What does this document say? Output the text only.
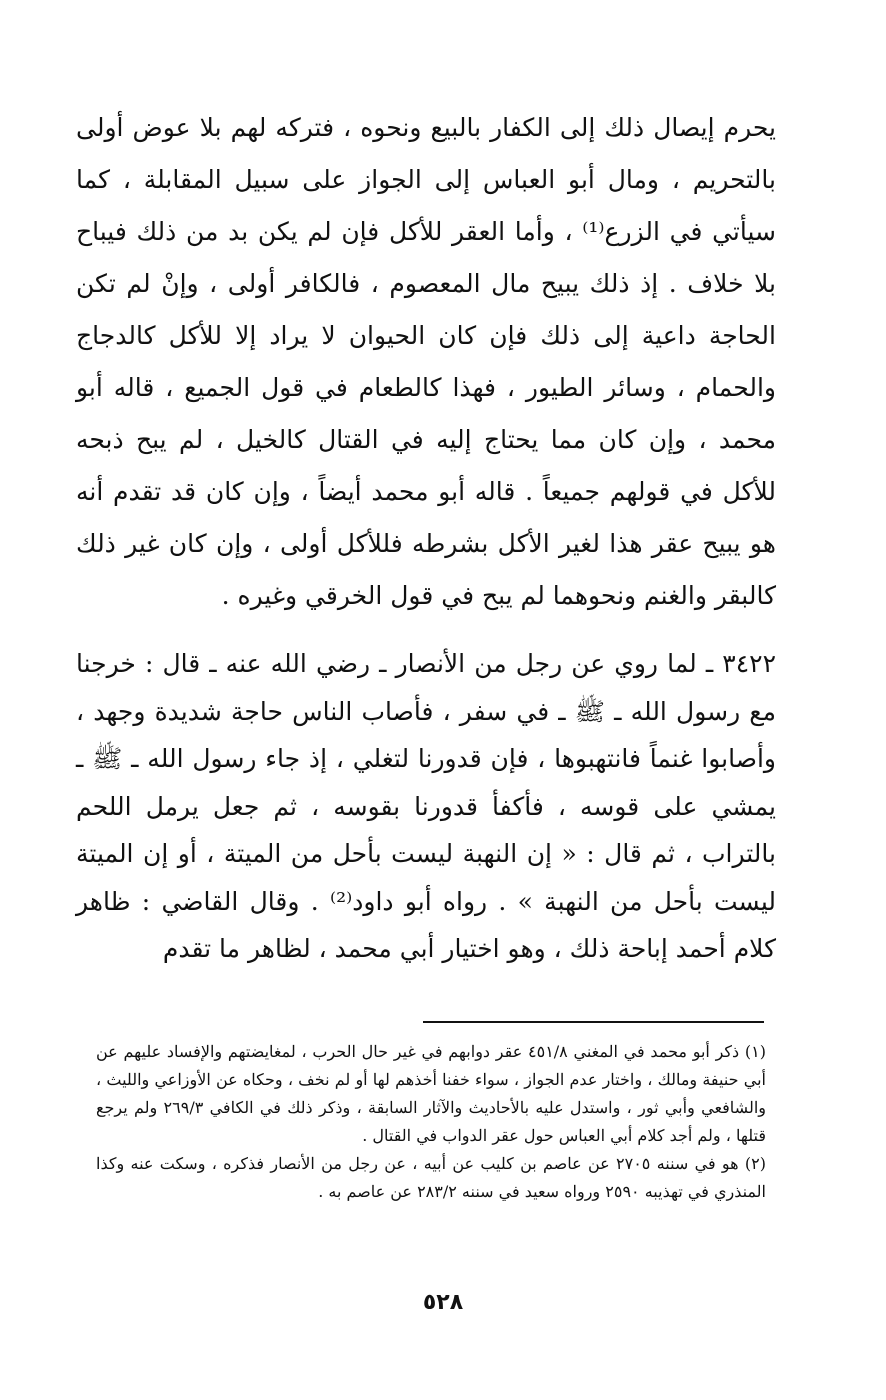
يحرم إيصال ذلك إلى الكفار بالبيع ونحوه ، فتركه لهم بلا عوض أولى بالتحريم ، ومال أبو العباس إلى الجواز على سبيل المقابلة ، كما سيأتي في الزرع⁽¹⁾ ، وأما العقر للأكل فإن لم يكن بد من ذلك فيباح بلا خلاف . إذ ذلك يبيح مال المعصوم ، فالكافر أولى ، وإنْ لم تكن الحاجة داعية إلى ذلك فإن كان الحيوان لا يراد إلا للأكل كالدجاج والحمام ، وسائر الطيور ، فهذا كالطعام في قول الجميع ، قاله أبو محمد ، وإن كان مما يحتاج إليه في القتال كالخيل ، لم يبح ذبحه للأكل في قولهم جميعاً . قاله أبو محمد أيضاً ، وإن كان قد تقدم أنه هو يبيح عقر هذا لغير الأكل بشرطه فللأكل أولى ، وإن كان غير ذلك كالبقر والغنم ونحوهما لم يبح في قول الخرقي وغيره .
٣٤٢٢ ـ لما روي عن رجل من الأنصار ـ رضي الله عنه ـ قال : خرجنا مع رسول الله ـ ﷺ ـ في سفر ، فأصاب الناس حاجة شديدة وجهد ، وأصابوا غنماً فانتهبوها ، فإن قدورنا لتغلي ، إذ جاء رسول الله ـ ﷺ ـ يمشي على قوسه ، فأكفأ قدورنا بقوسه ، ثم جعل يرمل اللحم بالتراب ، ثم قال : « إن النهبة ليست بأحل من الميتة ، أو إن الميتة ليست بأحل من النهبة » . رواه أبو داود⁽²⁾ . وقال القاضي : ظاهر كلام أحمد إباحة ذلك ، وهو اختيار أبي محمد ، لظاهر ما تقدم

(١) ذكر أبو محمد في المغني ٤٥١/٨ عقر دوابهم في غير حال الحرب ، لمغايضتهم والإفساد عليهم عن أبي حنيفة ومالك ، واختار عدم الجواز ، سواء خفنا أخذهم لها أو لم نخف ، وحكاه عن الأوزاعي والليث ، والشافعي وأبي ثور ، واستدل عليه بالأحاديث والآثار السابقة ، وذكر ذلك في الكافي ٢٦٩/٣ ولم يرجع قتلها ، ولم أجد كلام أبي العباس حول عقر الدواب في القتال .

(٢) هو في سننه ٢٧٠٥ عن عاصم بن كليب عن أبيه ، عن رجل من الأنصار فذكره ، وسكت عنه وكذا المنذري في تهذيبه ٢٥٩٠ ورواه سعيد في سننه ٢٨٣/٢ عن عاصم به .

٥٢٨
